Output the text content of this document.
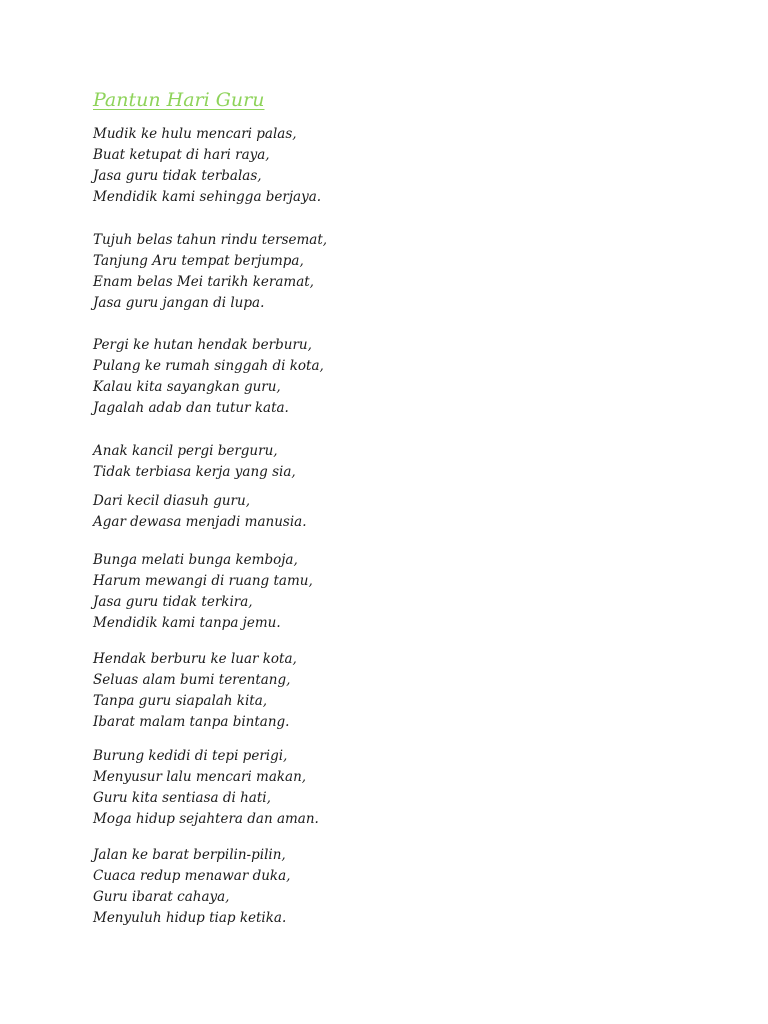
Pantun Hari Guru
Mudik ke hulu mencari palas,
Buat ketupat di hari raya,
Jasa guru tidak terbalas,
Mendidik kami sehingga berjaya.
Tujuh belas tahun rindu tersemat,
Tanjung Aru tempat berjumpa,
Enam belas Mei tarikh keramat,
Jasa guru jangan di lupa.
Pergi ke hutan hendak berburu,
Pulang ke rumah singgah di kota,
Kalau kita sayangkan guru,
Jagalah adab dan tutur kata.
Anak kancil pergi berguru,
Tidak terbiasa kerja yang sia,
Dari kecil diasuh guru,
Agar dewasa menjadi manusia.
Bunga melati bunga kemboja,
Harum mewangi di ruang tamu,
Jasa guru tidak terkira,
Mendidik kami tanpa jemu.
Hendak berburu ke luar kota,
Seluas alam bumi terentang,
Tanpa guru siapalah kita,
Ibarat malam tanpa bintang.
Burung kedidi di tepi perigi,
Menyusur lalu mencari makan,
Guru kita sentiasa di hati,
Moga hidup sejahtera dan aman.
Jalan ke barat berpilin-pilin,
Cuaca redup menawar duka,
Guru ibarat cahaya,
Menyuluh hidup tiap ketika.
